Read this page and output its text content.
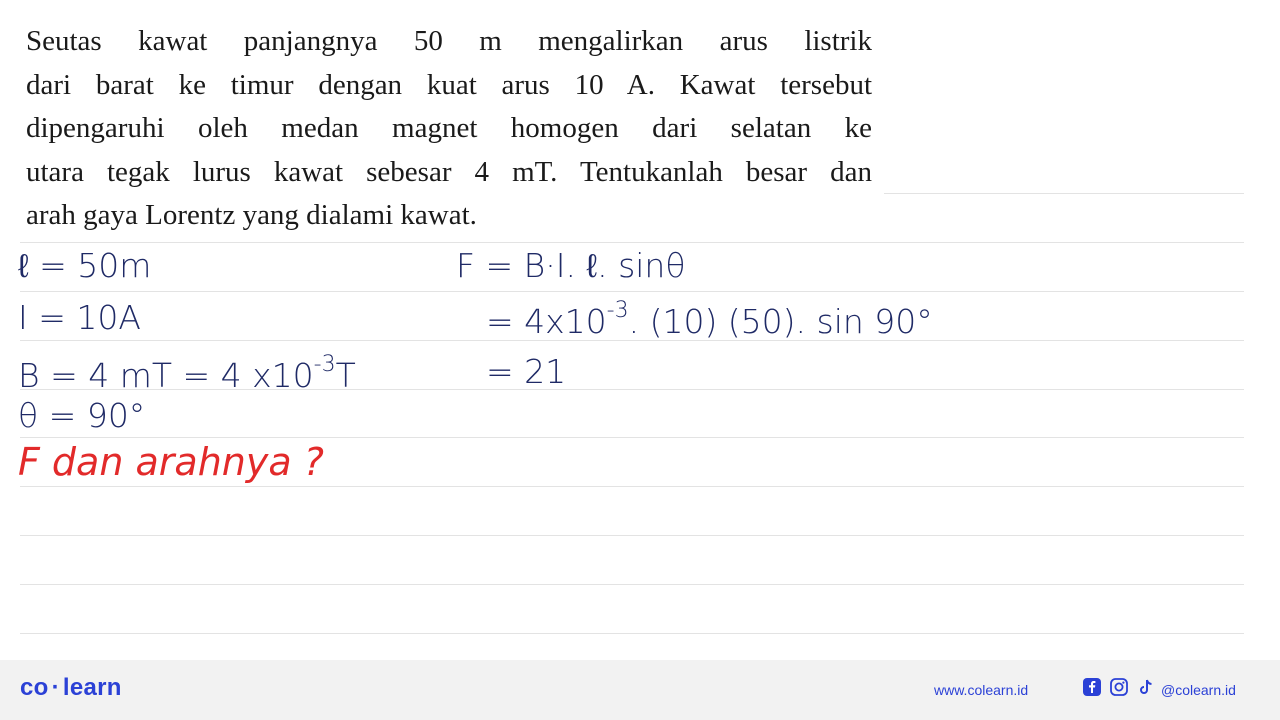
Seutas kawat panjangnya 50 m mengalirkan arus listrik
dari barat ke timur dengan kuat arus 10 A. Kawat tersebut
dipengaruhi oleh medan magnet homogen dari selatan ke
utara tegak lurus kawat sebesar 4 mT. Tentukanlah besar dan
arah gaya Lorentz yang dialami kawat.
ℓ = 50m
I = 10A
B = 4 mT = 4 $x10^{-3}T$
θ = 90°
F dan arahnya ?
F = B·I. ℓ. sinθ
= $4x10^{-3}$. (10) (50). sin 90°
= 21
co · learn	www.colearn.id	@colearn.id
